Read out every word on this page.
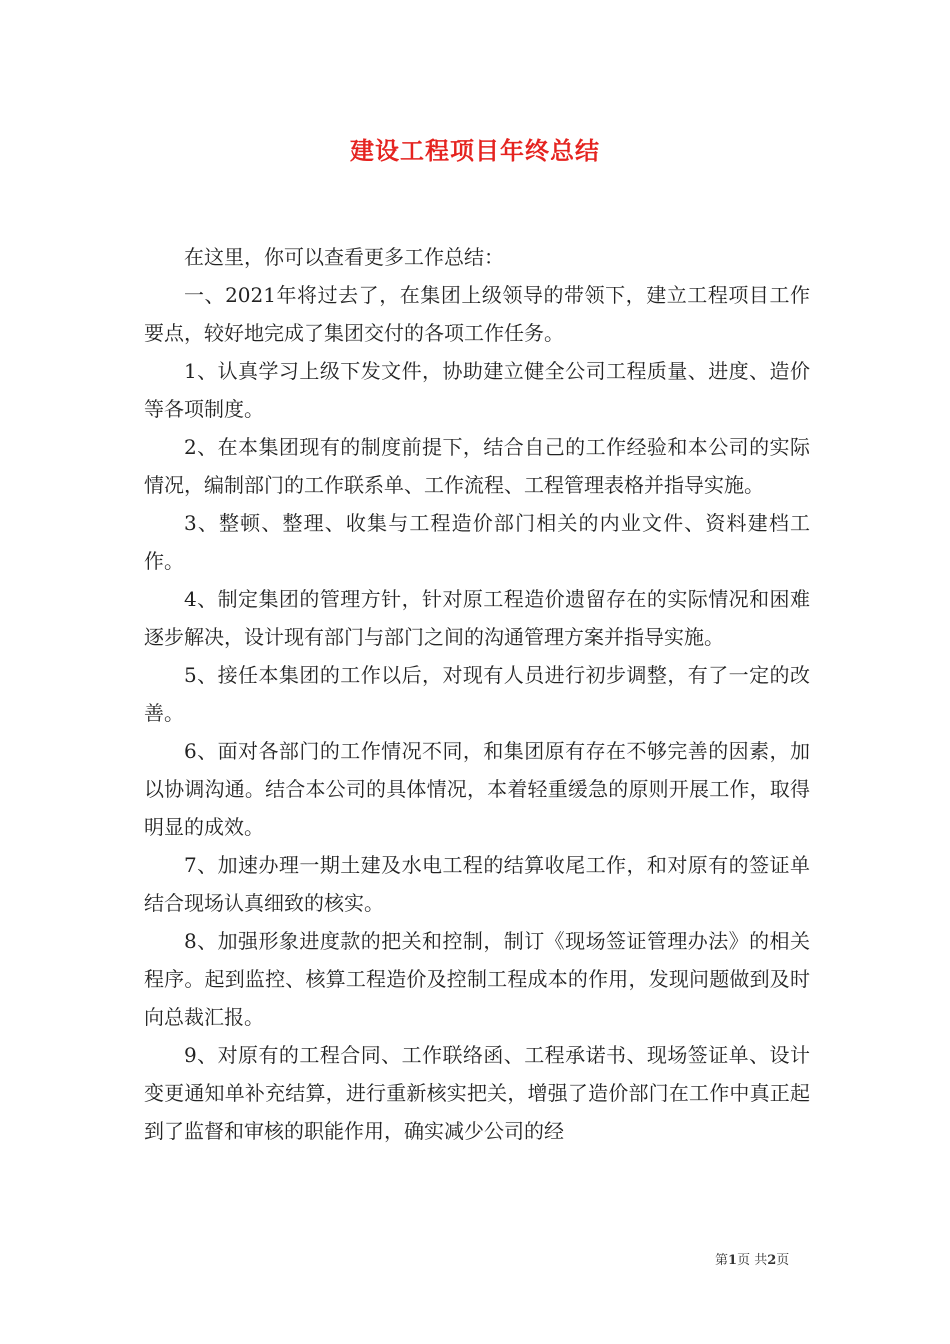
建设工程项目年终总结

在这里，你可以查看更多工作总结：

一、2021年将过去了，在集团上级领导的带领下，建立工程项目工作要点，较好地完成了集团交付的各项工作任务。

1、认真学习上级下发文件，协助建立健全公司工程质量、进度、造价等各项制度。

2、在本集团现有的制度前提下，结合自己的工作经验和本公司的实际情况，编制部门的工作联系单、工作流程、工程管理表格并指导实施。

3、整顿、整理、收集与工程造价部门相关的内业文件、资料建档工作。

4、制定集团的管理方针，针对原工程造价遗留存在的实际情况和困难逐步解决，设计现有部门与部门之间的沟通管理方案并指导实施。

5、接任本集团的工作以后，对现有人员进行初步调整，有了一定的改善。

6、面对各部门的工作情况不同，和集团原有存在不够完善的因素，加以协调沟通。结合本公司的具体情况，本着轻重缓急的原则开展工作，取得明显的成效。

7、加速办理一期土建及水电工程的结算收尾工作，和对原有的签证单结合现场认真细致的核实。

8、加强形象进度款的把关和控制，制订《现场签证管理办法》的相关程序。起到监控、核算工程造价及控制工程成本的作用，发现问题做到及时向总裁汇报。

9、对原有的工程合同、工作联络函、工程承诺书、现场签证单、设计变更通知单补充结算，进行重新核实把关，增强了造价部门在工作中真正起到了监督和审核的职能作用，确实减少公司的经

第1页 共2页
